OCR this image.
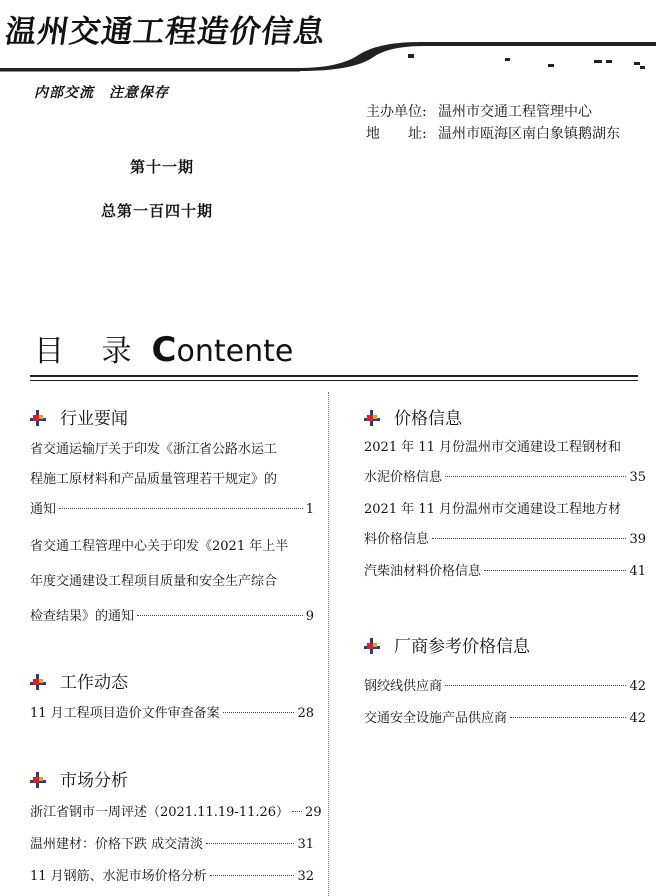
温州交通工程造价信息
内部交流　注意保存
主办单位: 温州市交通工程管理中心
地　　址: 温州市瓯海区南白象镇鹅湖东
第十一期
总第一百四十期
目 录 Contente
行业要闻
省交通运输厅关于印发《浙江省公路水运工
程施工原材料和产品质量管理若干规定》的
通知	1
省交通工程管理中心关于印发《2021 年上半
年度交通建设工程项目质量和安全生产综合
检查结果》的通知	9
工作动态
11 月工程项目造价文件审查备案	28
市场分析
浙江省钢市一周评述（2021.11.19-11.26） 29
温州建材：价格下跌 成交清淡	31
11 月钢筋、水泥市场价格分析	32
价格信息
2021 年 11 月份温州市交通建设工程钢材和
水泥价格信息	35
2021 年 11 月份温州市交通建设工程地方材
料价格信息	39
汽柴油材料价格信息	41
厂商参考价格信息
钢绞线供应商	42
交通安全设施产品供应商	42
